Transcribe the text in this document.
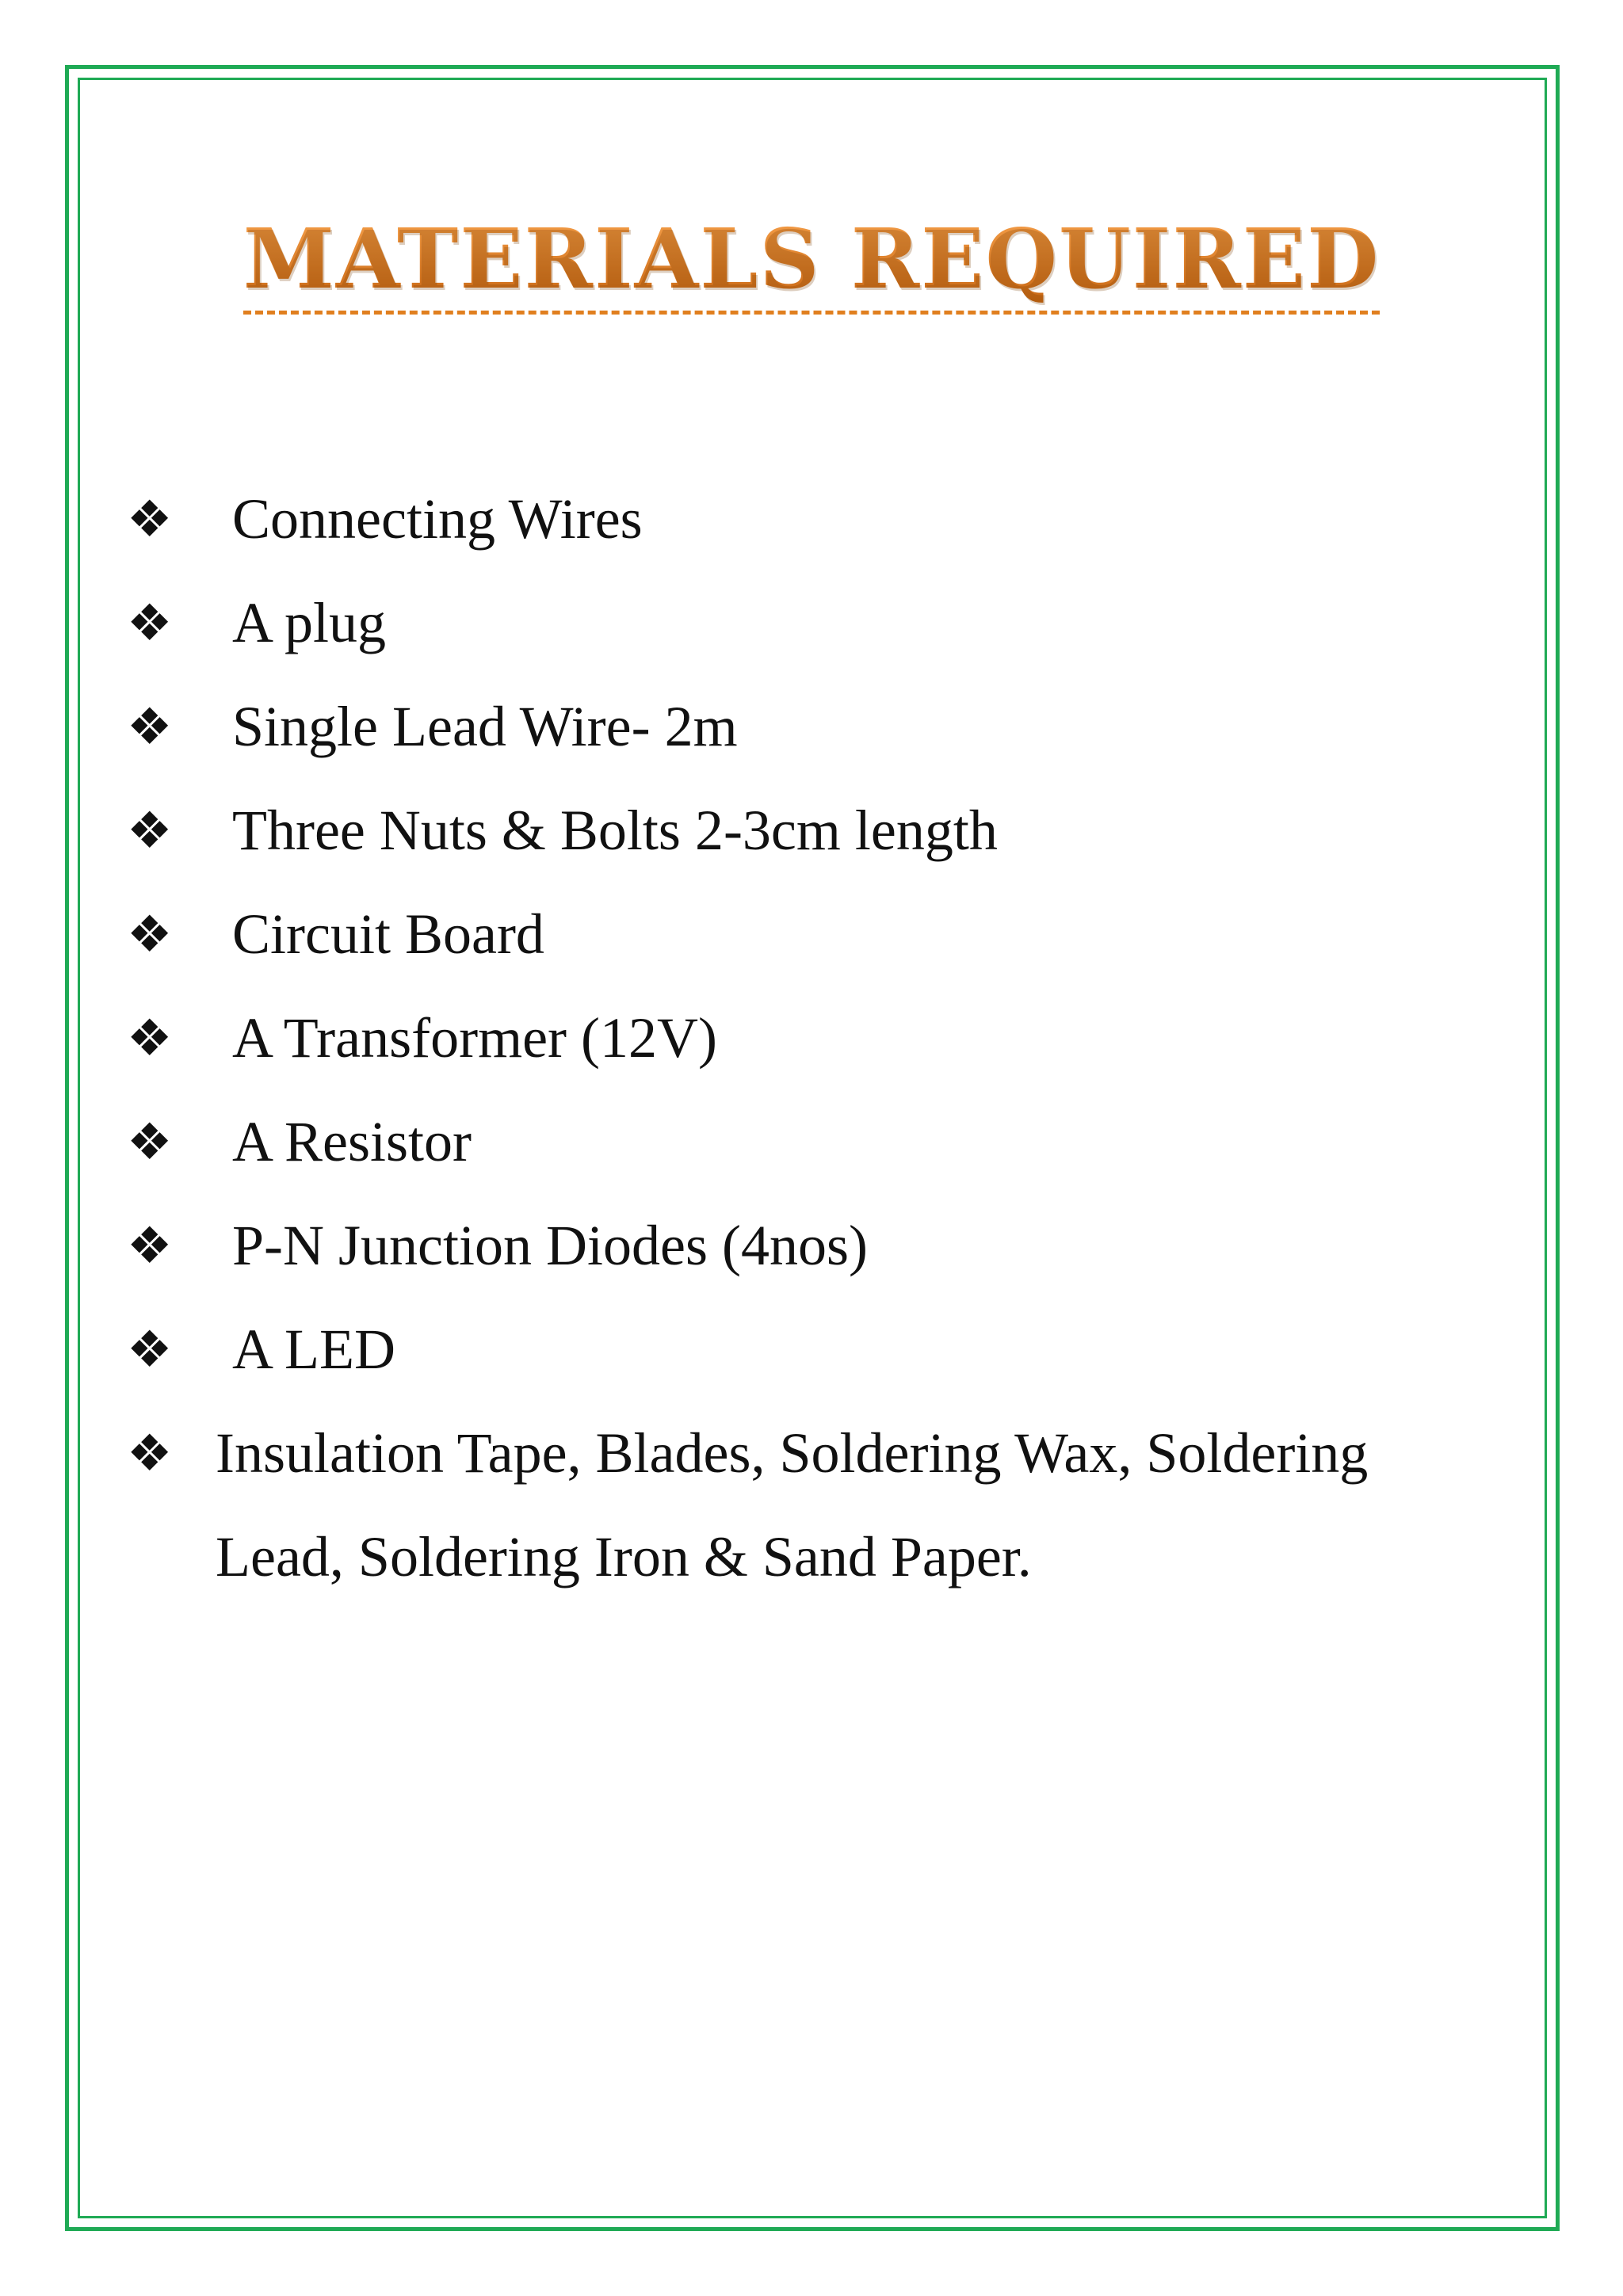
MATERIALS REQUIRED
❖ Connecting Wires
❖ A plug
❖ Single Lead Wire- 2m
❖ Three Nuts & Bolts 2-3cm length
❖ Circuit Board
❖ A Transformer (12V)
❖ A Resistor
❖ P-N Junction Diodes (4nos)
❖ A LED
❖ Insulation Tape, Blades, Soldering Wax, Soldering
Lead, Soldering Iron & Sand Paper.
